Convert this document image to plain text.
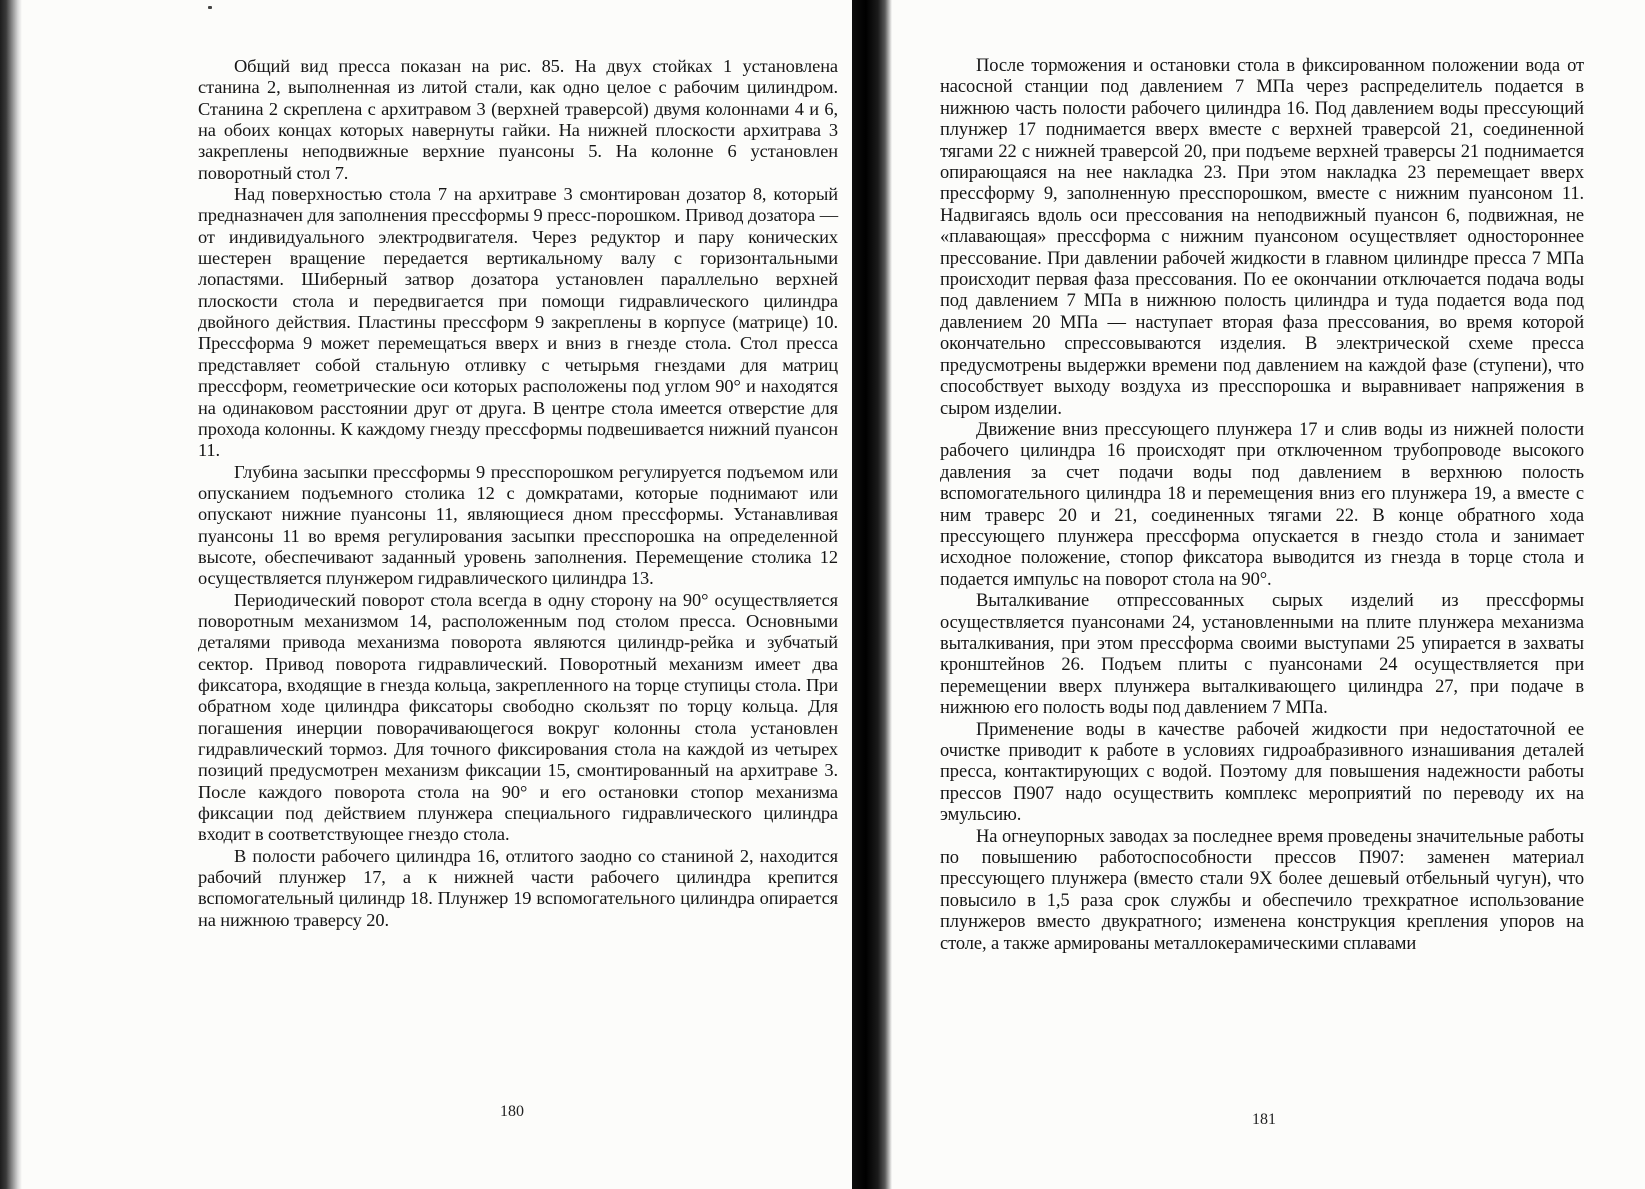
Общий вид пресса показан на рис. 85. На двух стойках 1 установлена станина 2, выполненная из литой стали, как одно целое с рабочим цилиндром. Станина 2 скреплена с архитравом 3 (верхней траверсой) двумя колоннами 4 и 6, на обоих концах которых навернуты гайки. На нижней плоскости архитрава 3 закреплены неподвижные верхние пуансоны 5. На колонне 6 установлен поворотный стол 7.

Над поверхностью стола 7 на архитраве 3 смонтирован дозатор 8, который предназначен для заполнения прессформы 9 пресс-порошком. Привод дозатора — от индивидуального электродвигателя. Через редуктор и пару конических шестерен вращение передается вертикальному валу с горизонтальными лопастями. Шиберный затвор дозатора установлен параллельно верхней плоскости стола и передвигается при помощи гидравлического цилиндра двойного действия. Пластины прессформ 9 закреплены в корпусе (матрице) 10. Прессформа 9 может перемещаться вверх и вниз в гнезде стола. Стол пресса представляет собой стальную отливку с четырьмя гнездами для матриц прессформ, геометрические оси которых расположены под углом 90° и находятся на одинаковом расстоянии друг от друга. В центре стола имеется отверстие для прохода колонны. К каждому гнезду прессформы подвешивается нижний пуансон 11.

Глубина засыпки прессформы 9 пресспорошком регулируется подъемом или опусканием подъемного столика 12 с домкратами, которые поднимают или опускают нижние пуансоны 11, являющиеся дном прессформы. Устанавливая пуансоны 11 во время регулирования засыпки пресспорошка на определенной высоте, обеспечивают заданный уровень заполнения. Перемещение столика 12 осуществляется плунжером гидравлического цилиндра 13.

Периодический поворот стола всегда в одну сторону на 90° осуществляется поворотным механизмом 14, расположенным под столом пресса. Основными деталями привода механизма поворота являются цилиндр-рейка и зубчатый сектор. Привод поворота гидравлический. Поворотный механизм имеет два фиксатора, входящие в гнезда кольца, закрепленного на торце ступицы стола. При обратном ходе цилиндра фиксаторы свободно скользят по торцу кольца. Для погашения инерции поворачивающегося вокруг колонны стола установлен гидравлический тормоз. Для точного фиксирования стола на каждой из четырех позиций предусмотрен механизм фиксации 15, смонтированный на архитраве 3. После каждого поворота стола на 90° и его остановки стопор механизма фиксации под действием плунжера специального гидравлического цилиндра входит в соответствующее гнездо стола.

В полости рабочего цилиндра 16, отлитого заодно со станиной 2, находится рабочий плунжер 17, а к нижней части рабочего цилиндра крепится вспомогательный цилиндр 18. Плунжер 19 вспомогательного цилиндра опирается на нижнюю траверсу 20.

180

После торможения и остановки стола в фиксированном положении вода от насосной станции под давлением 7 МПа через распределитель подается в нижнюю часть полости рабочего цилиндра 16. Под давлением воды прессующий плунжер 17 поднимается вверх вместе с верхней траверсой 21, соединенной тягами 22 с нижней траверсой 20, при подъеме верхней траверсы 21 поднимается опирающаяся на нее накладка 23. При этом накладка 23 перемещает вверх прессформу 9, заполненную пресспорошком, вместе с нижним пуансоном 11. Надвигаясь вдоль оси прессования на неподвижный пуансон 6, подвижная, не «плавающая» прессформа с нижним пуансоном осуществляет одностороннее прессование. При давлении рабочей жидкости в главном цилиндре пресса 7 МПа происходит первая фаза прессования. По ее окончании отключается подача воды под давлением 7 МПа в нижнюю полость цилиндра и туда подается вода под давлением 20 МПа — наступает вторая фаза прессования, во время которой окончательно спрессовываются изделия. В электрической схеме пресса предусмотрены выдержки времени под давлением на каждой фазе (ступени), что способствует выходу воздуха из пресспорошка и выравнивает напряжения в сыром изделии.

Движение вниз прессующего плунжера 17 и слив воды из нижней полости рабочего цилиндра 16 происходят при отключенном трубопроводе высокого давления за счет подачи воды под давлением в верхнюю полость вспомогательного цилиндра 18 и перемещения вниз его плунжера 19, а вместе с ним траверс 20 и 21, соединенных тягами 22. В конце обратного хода прессующего плунжера прессформа опускается в гнездо стола и занимает исходное положение, стопор фиксатора выводится из гнезда в торце стола и подается импульс на поворот стола на 90°.

Выталкивание отпрессованных сырых изделий из прессформы осуществляется пуансонами 24, установленными на плите плунжера механизма выталкивания, при этом прессформа своими выступами 25 упирается в захваты кронштейнов 26. Подъем плиты с пуансонами 24 осуществляется при перемещении вверх плунжера выталкивающего цилиндра 27, при подаче в нижнюю его полость воды под давлением 7 МПа.

Применение воды в качестве рабочей жидкости при недостаточной ее очистке приводит к работе в условиях гидроабразивного изнашивания деталей пресса, контактирующих с водой. Поэтому для повышения надежности работы прессов П907 надо осуществить комплекс мероприятий по переводу их на эмульсию.

На огнеупорных заводах за последнее время проведены значительные работы по повышению работоспособности прессов П907: заменен материал прессующего плунжера (вместо стали 9Х более дешевый отбельный чугун), что повысило в 1,5 раза срок службы и обеспечило трехкратное использование плунжеров вместо двукратного; изменена конструкция крепления упоров на столе, а также армированы металлокерамическими сплавами

181
